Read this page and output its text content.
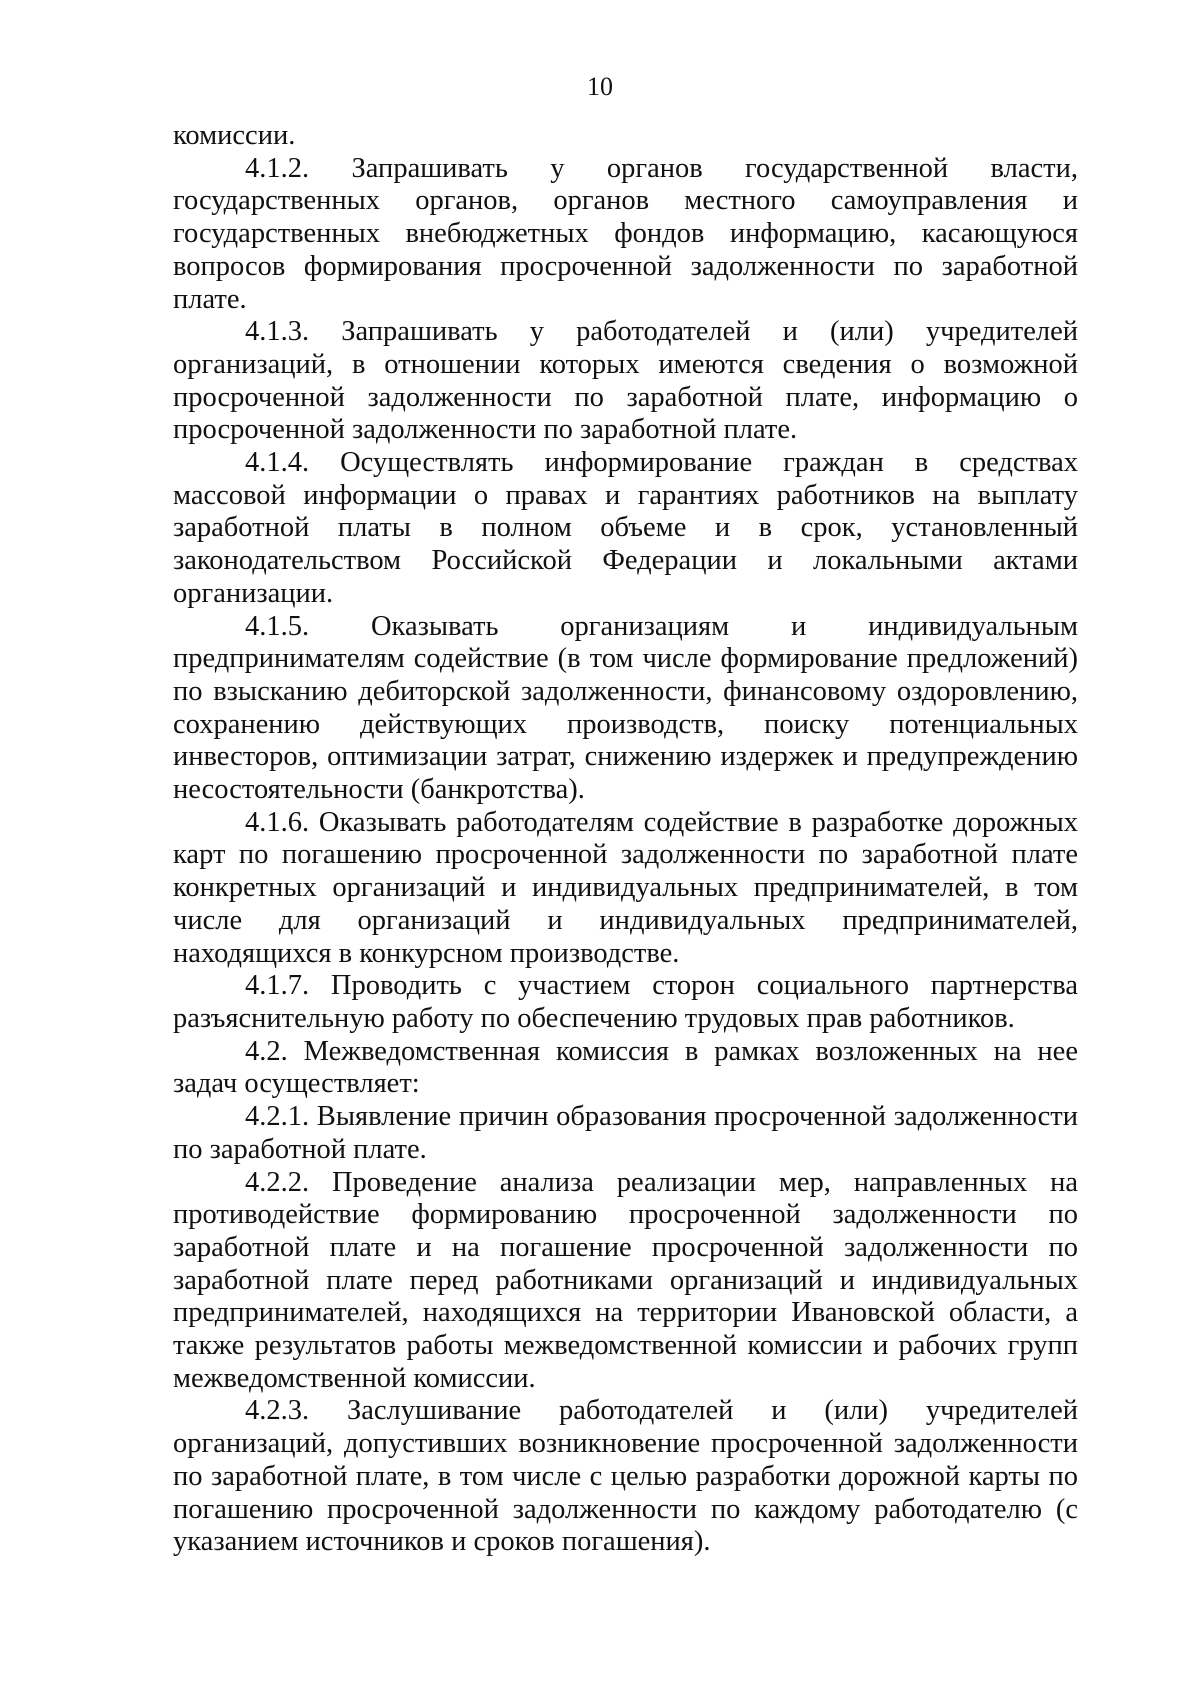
10

комиссии.

4.1.2. Запрашивать у органов государственной власти, государственных органов, органов местного самоуправления и государственных внебюджетных фондов информацию, касающуюся вопросов формирования просроченной задолженности по заработной плате.

4.1.3. Запрашивать у работодателей и (или) учредителей организаций, в отношении которых имеются сведения о возможной просроченной задолженности по заработной плате, информацию о просроченной задолженности по заработной плате.

4.1.4. Осуществлять информирование граждан в средствах массовой информации о правах и гарантиях работников на выплату заработной платы в полном объеме и в срок, установленный законодательством Российской Федерации и локальными актами организации.

4.1.5. Оказывать организациям и индивидуальным предпринимателям содействие (в том числе формирование предложений) по взысканию дебиторской задолженности, финансовому оздоровлению, сохранению действующих производств, поиску потенциальных инвесторов, оптимизации затрат, снижению издержек и предупреждению несостоятельности (банкротства).

4.1.6. Оказывать работодателям содействие в разработке дорожных карт по погашению просроченной задолженности по заработной плате конкретных организаций и индивидуальных предпринимателей, в том числе для организаций и индивидуальных предпринимателей, находящихся в конкурсном производстве.

4.1.7. Проводить с участием сторон социального партнерства разъяснительную работу по обеспечению трудовых прав работников.

4.2. Межведомственная комиссия в рамках возложенных на нее задач осуществляет:

4.2.1. Выявление причин образования просроченной задолженности по заработной плате.

4.2.2. Проведение анализа реализации мер, направленных на противодействие формированию просроченной задолженности по заработной плате и на погашение просроченной задолженности по заработной плате перед работниками организаций и индивидуальных предпринимателей, находящихся на территории Ивановской области, а также результатов работы межведомственной комиссии и рабочих групп межведомственной комиссии.

4.2.3. Заслушивание работодателей и (или) учредителей организаций, допустивших возникновение просроченной задолженности по заработной плате, в том числе с целью разработки дорожной карты по погашению просроченной задолженности по каждому работодателю (с указанием источников и сроков погашения).
